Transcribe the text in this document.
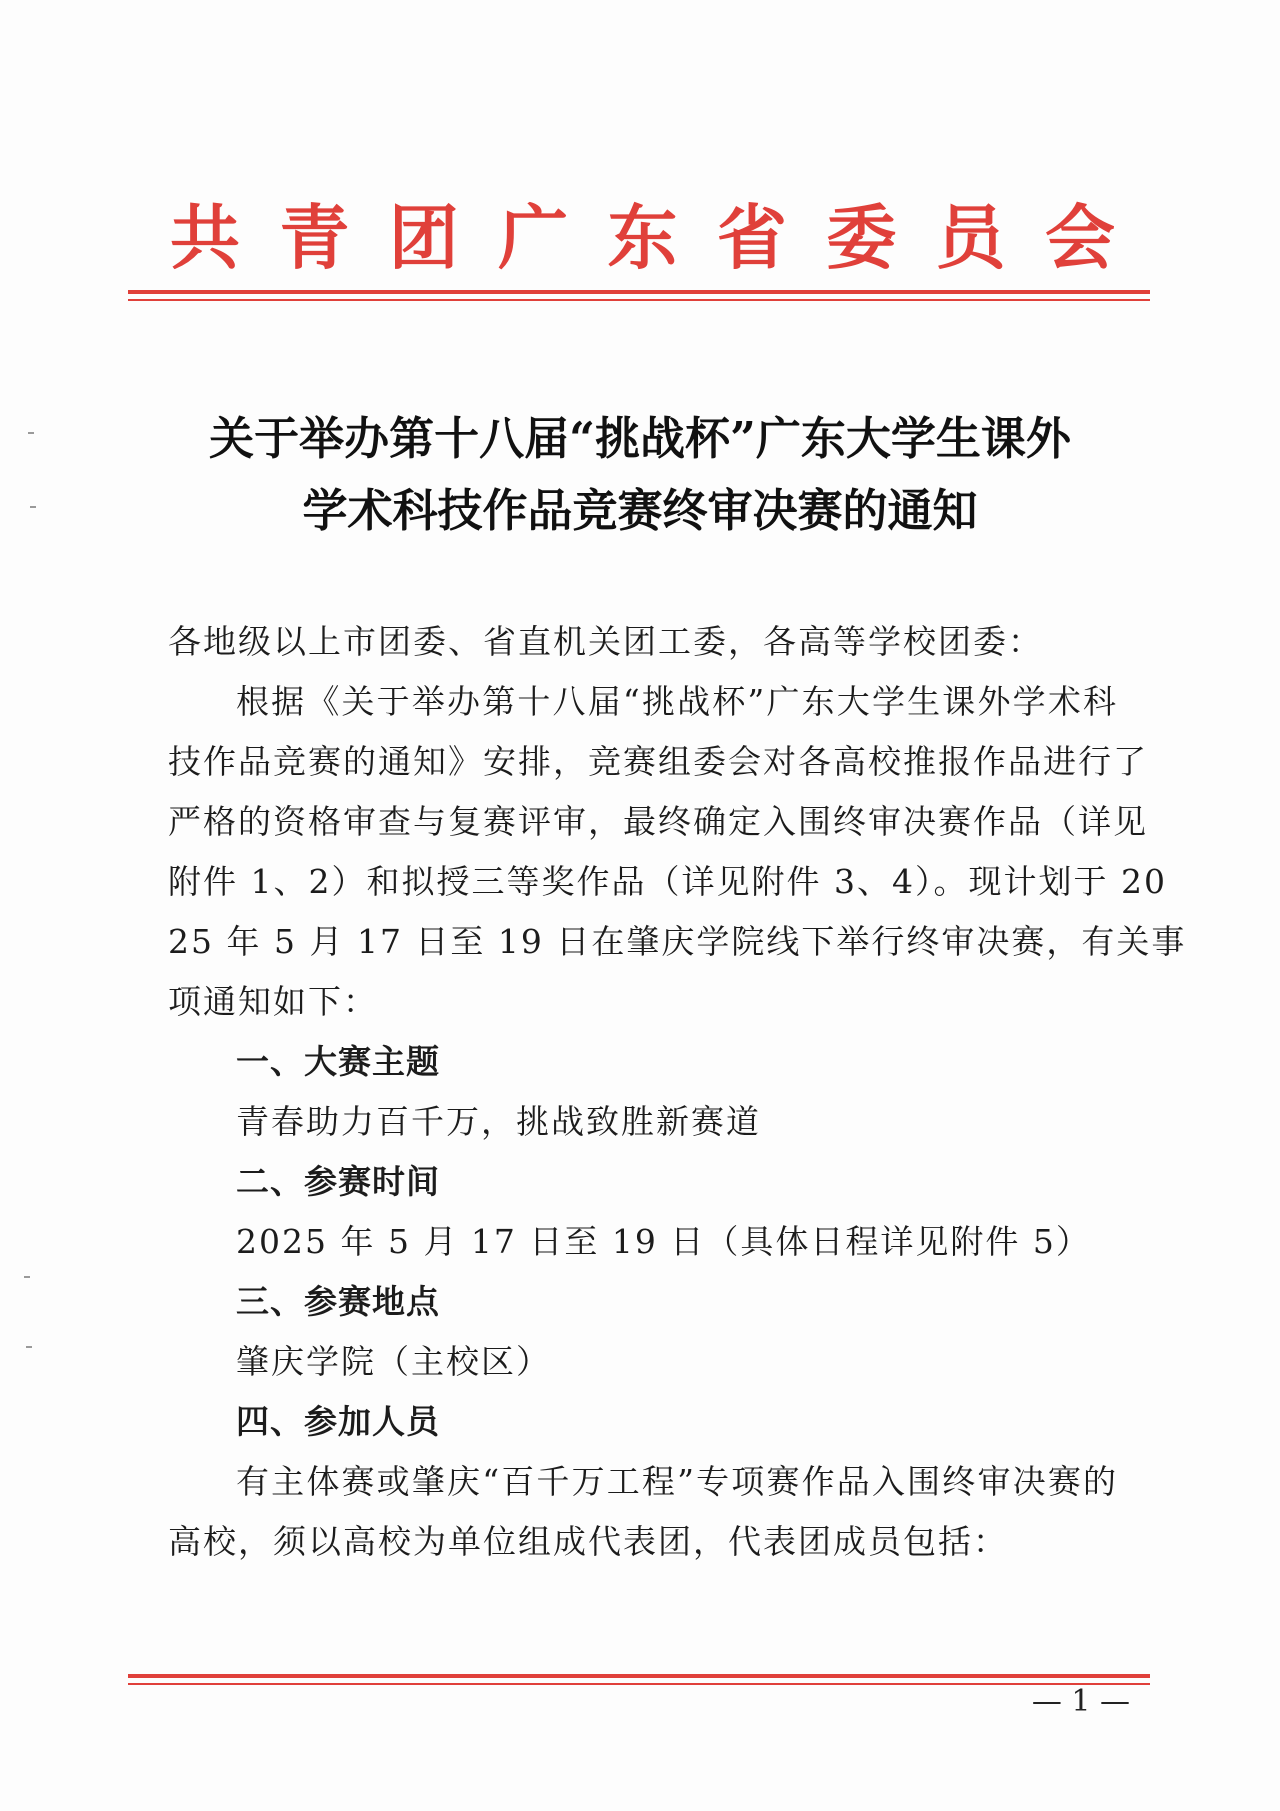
共 青 团 广 东 省 委 员 会
关于举办第十八届“挑战杯”广东大学生课外
学术科技作品竞赛终审决赛的通知
各地级以上市团委、省直机关团工委，各高等学校团委：
根据《关于举办第十八届“挑战杯”广东大学生课外学术科
技作品竞赛的通知》安排，竞赛组委会对各高校推报作品进行了
严格的资格审查与复赛评审，最终确定入围终审决赛作品（详见
附件 1、2）和拟授三等奖作品（详见附件 3、4）。现计划于 20
25 年 5 月 17 日至 19 日在肇庆学院线下举行终审决赛，有关事
项通知如下：
一、大赛主题
青春助力百千万，挑战致胜新赛道
二、参赛时间
2025 年 5 月 17 日至 19 日（具体日程详见附件 5）
三、参赛地点
肇庆学院（主校区）
四、参加人员
有主体赛或肇庆“百千万工程”专项赛作品入围终审决赛的
高校，须以高校为单位组成代表团，代表团成员包括：
— 1 —
